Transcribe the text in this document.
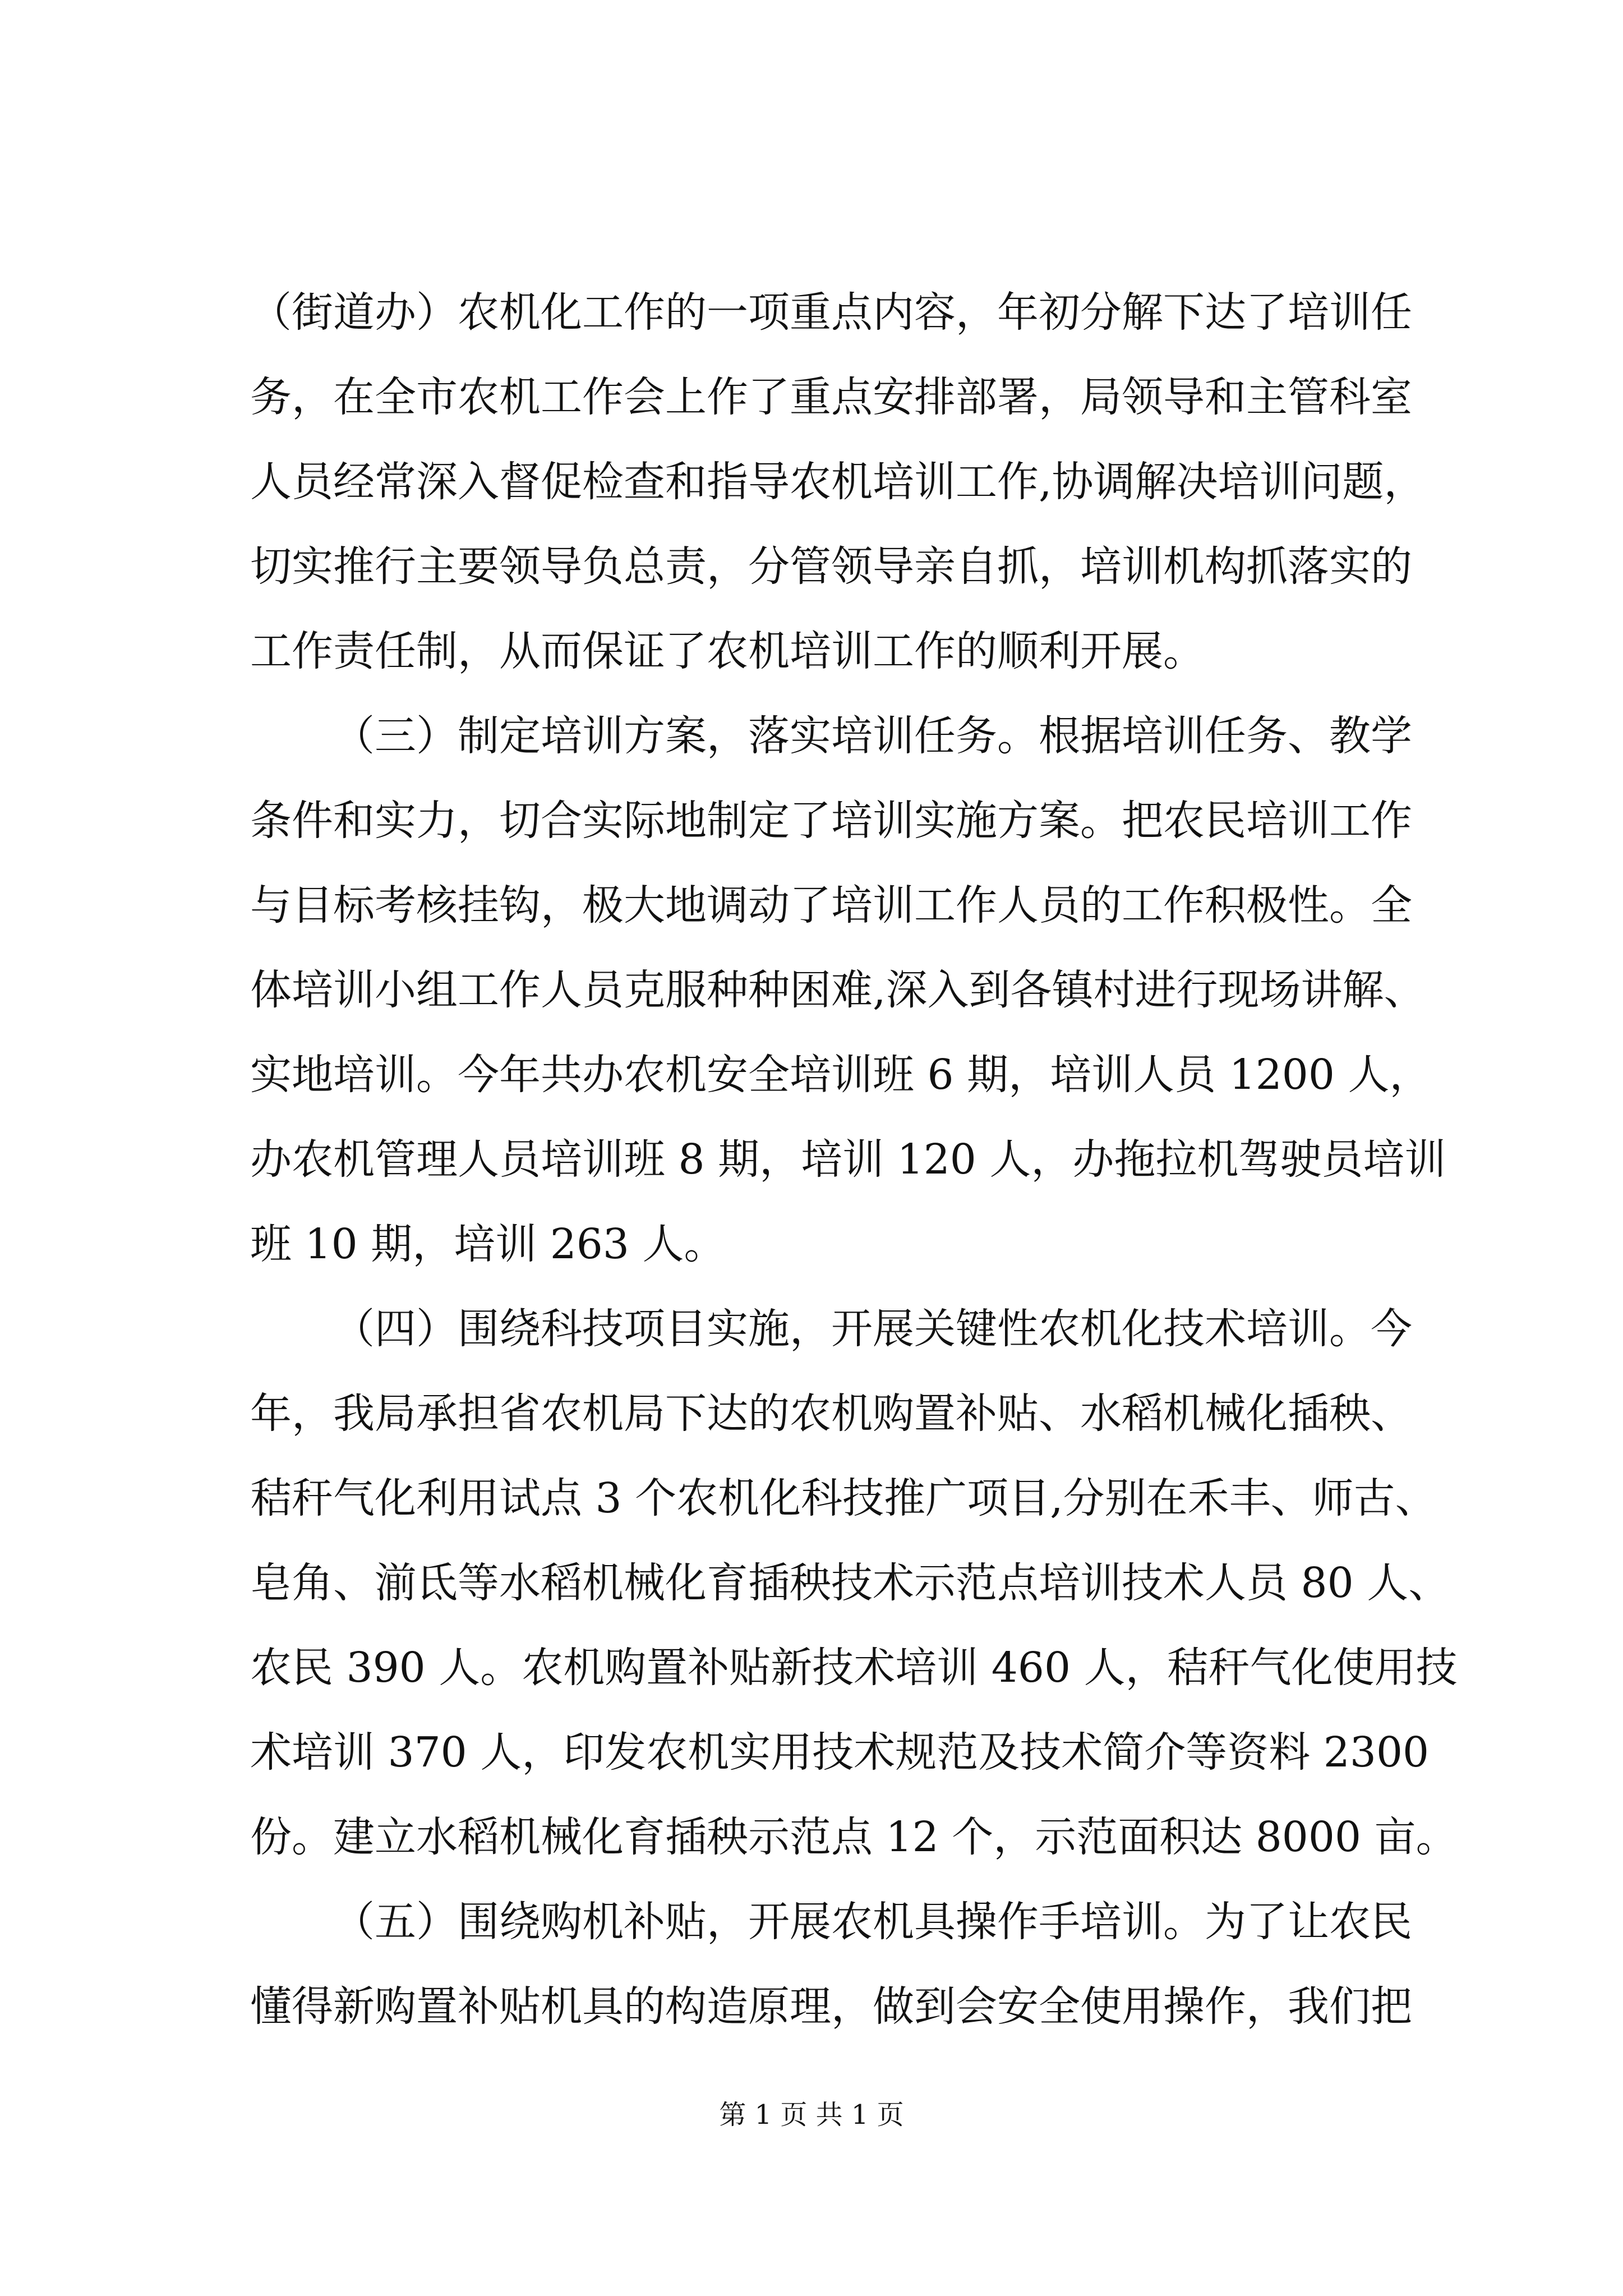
（街道办）农机化工作的一项重点内容，年初分解下达了培训任
务，在全市农机工作会上作了重点安排部署，局领导和主管科室
人员经常深入督促检查和指导农机培训工作,协调解决培训问题，
切实推行主要领导负总责，分管领导亲自抓，培训机构抓落实的
工作责任制，从而保证了农机培训工作的顺利开展。
（三）制定培训方案，落实培训任务。根据培训任务、教学
条件和实力，切合实际地制定了培训实施方案。把农民培训工作
与目标考核挂钩，极大地调动了培训工作人员的工作积极性。全
体培训小组工作人员克服种种困难,深入到各镇村进行现场讲解、
实地培训。今年共办农机安全培训班 6 期，培训人员 1200 人，
办农机管理人员培训班 8 期，培训 120 人，办拖拉机驾驶员培训
班 10 期，培训 263 人。
（四）围绕科技项目实施，开展关键性农机化技术培训。今
年，我局承担省农机局下达的农机购置补贴、水稻机械化插秧、
秸秆气化利用试点 3 个农机化科技推广项目,分别在禾丰、师古、
皂角、湔氐等水稻机械化育插秧技术示范点培训技术人员 80 人、
农民 390 人。农机购置补贴新技术培训 460 人，秸秆气化使用技
术培训 370 人，印发农机实用技术规范及技术简介等资料 2300
份。建立水稻机械化育插秧示范点 12 个，示范面积达 8000 亩。
（五）围绕购机补贴，开展农机具操作手培训。为了让农民
懂得新购置补贴机具的构造原理，做到会安全使用操作，我们把
第 1 页 共 1 页
